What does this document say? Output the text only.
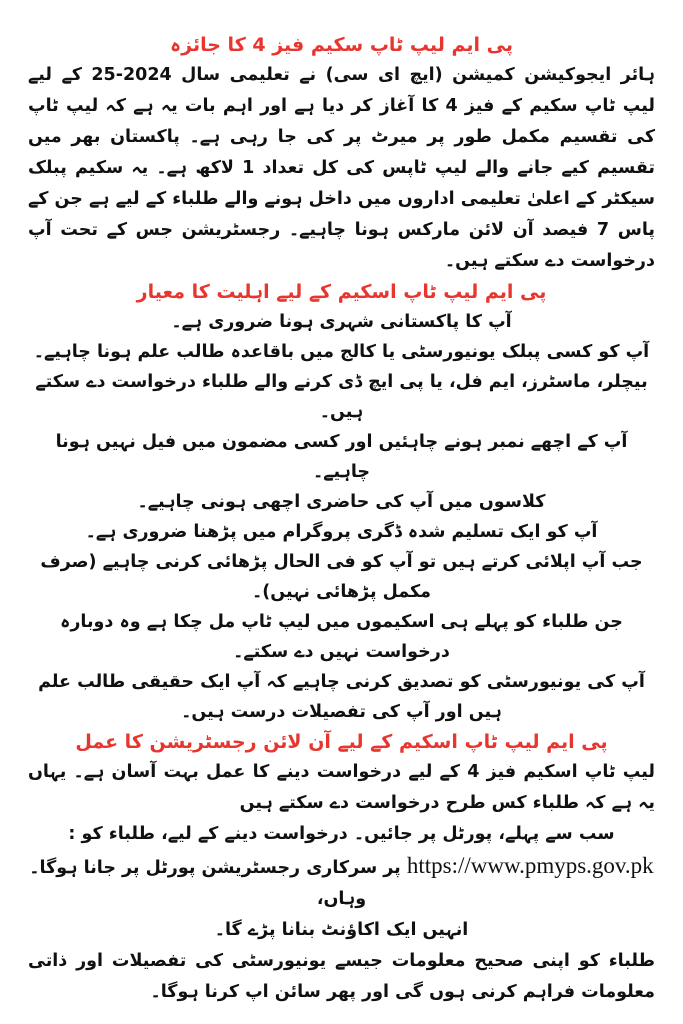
پی ایم لیپ ٹاپ سکیم فیز 4 کا جائزہ

ہائر ایجوکیشن کمیشن (ایچ ای سی) نے تعلیمی سال 2024-25 کے لیے لیپ ٹاپ سکیم کے فیز 4 کا آغاز کر دیا ہے اور اہم بات یہ ہے کہ لیپ ٹاپ کی تقسیم مکمل طور پر میرٹ پر کی جا رہی ہے۔ پاکستان بھر میں تقسیم کیے جانے والے لیپ ٹاپس کی کل تعداد 1 لاکھ ہے۔ یہ سکیم پبلک سیکٹر کے اعلیٰ تعلیمی اداروں میں داخل ہونے والے طلباء کے لیے ہے جن کے پاس 7 فیصد آن لائن مارکس ہونا چاہیے۔ رجسٹریشن جس کے تحت آپ درخواست دے سکتے ہیں۔

پی ایم لیپ ٹاپ اسکیم کے لیے اہلیت کا معیار
آپ کا پاکستانی شہری ہونا ضروری ہے۔
آپ کو کسی پبلک یونیورسٹی یا کالج میں باقاعدہ طالب علم ہونا چاہیے۔
بیچلر، ماسٹرز، ایم فل، یا پی ایچ ڈی کرنے والے طلباء درخواست دے سکتے ہیں۔
آپ کے اچھے نمبر ہونے چاہئیں اور کسی مضمون میں فیل نہیں ہونا چاہیے۔
کلاسوں میں آپ کی حاضری اچھی ہونی چاہیے۔
آپ کو ایک تسلیم شدہ ڈگری پروگرام میں پڑھنا ضروری ہے۔
جب آپ اپلائی کرتے ہیں تو آپ کو فی الحال پڑھائی کرنی چاہیے (صرف مکمل پڑھائی نہیں)۔
جن طلباء کو پہلے ہی اسکیموں میں لیپ ٹاپ مل چکا ہے وہ دوبارہ درخواست نہیں دے سکتے۔
آپ کی یونیورسٹی کو تصدیق کرنی چاہیے کہ آپ ایک حقیقی طالب علم ہیں اور آپ کی تفصیلات درست ہیں۔
پی ایم لیپ ٹاپ اسکیم کے لیے آن لائن رجسٹریشن کا عمل

لیپ ٹاپ اسکیم فیز 4 کے لیے درخواست دینے کا عمل بہت آسان ہے۔ یہاں یہ ہے کہ طلباء کس طرح درخواست دے سکتے ہیں

سب سے پہلے، پورٹل پر جائیں۔ درخواست دینے کے لیے، طلباء کو :

https://www.pmyps.gov.pk پر سرکاری رجسٹریشن پورٹل پر جانا ہوگا۔ وہاں،

انہیں ایک اکاؤنٹ بنانا پڑے گا۔

طلباء کو اپنی صحیح معلومات جیسے یونیورسٹی کی تفصیلات اور ذاتی معلومات فراہم کرنی ہوں گی اور پھر سائن اپ کرنا ہوگا۔
